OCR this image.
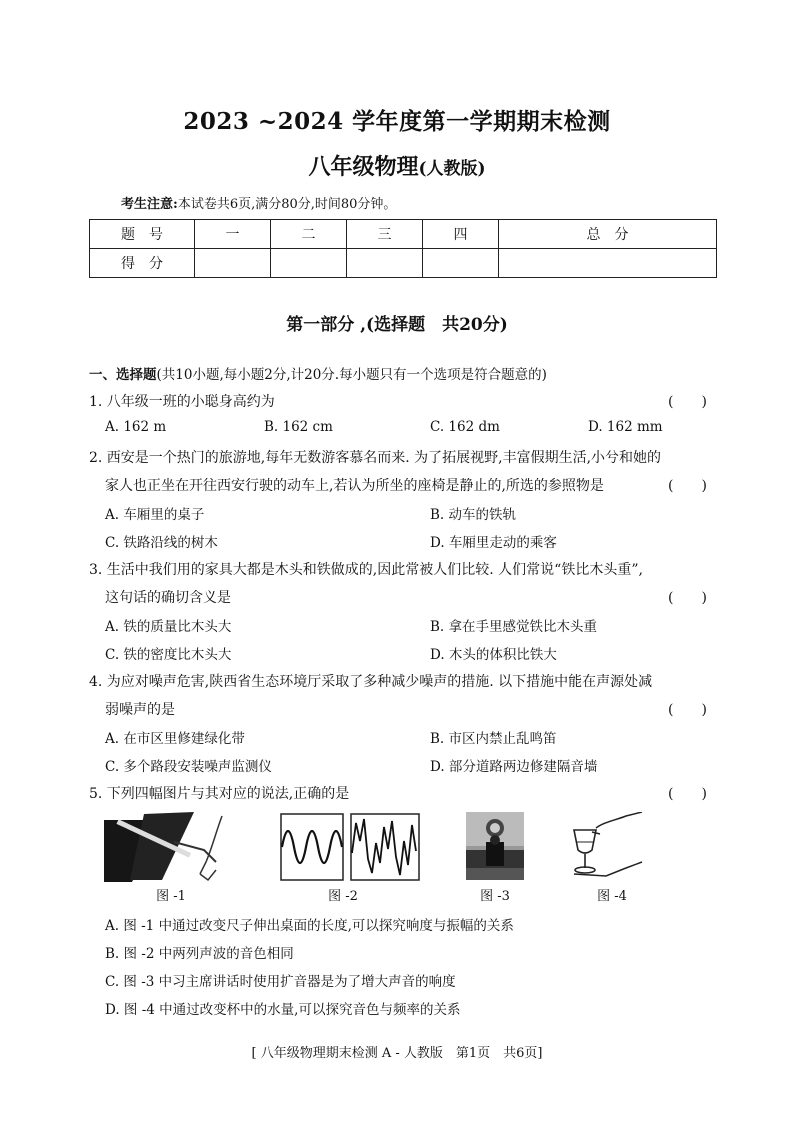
2023 ~2024 学年度第一学期期末检测
八年级物理(人教版)
考生注意:本试卷共6页,满分80分,时间80分钟。
题　号	一	二	三	四	总　分
得　分					
第一部分 ,(选择题　共20分)
一、选择题(共10小题,每小题2分,计20分.每小题只有一个选项是符合题意的)
1. 八年级一班的小聪身高约为	(　　)
A. 162 m	B. 162 cm	C. 162 dm	D. 162 mm
2. 西安是一个热门的旅游地,每年无数游客慕名而来. 为了拓展视野,丰富假期生活,小兮和她的
家人也正坐在开往西安行驶的动车上,若认为所坐的座椅是静止的,所选的参照物是	(　　)
A. 车厢里的桌子	B. 动车的铁轨
C. 铁路沿线的树木	D. 车厢里走动的乘客
3. 生活中我们用的家具大都是木头和铁做成的,因此常被人们比较. 人们常说“铁比木头重”,
这句话的确切含义是	(　　)
A. 铁的质量比木头大	B. 拿在手里感觉铁比木头重
C. 铁的密度比木头大	D. 木头的体积比铁大
4. 为应对噪声危害,陕西省生态环境厅采取了多种减少噪声的措施. 以下措施中能在声源处减
弱噪声的是	(　　)
A. 在市区里修建绿化带	B. 市区内禁止乱鸣笛
C. 多个路段安装噪声监测仪	D. 部分道路两边修建隔音墙
5. 下列四幅图片与其对应的说法,正确的是	(　　)
图 -1	图 -2	图 -3	图 -4
A. 图 -1 中通过改变尺子伸出桌面的长度,可以探究响度与振幅的关系
B. 图 -2 中两列声波的音色相同
C. 图 -3 中习主席讲话时使用扩音器是为了增大声音的响度
D. 图 -4 中通过改变杯中的水量,可以探究音色与频率的关系
[ 八年级物理期末检测 A - 人教版　第1页　共6页]
